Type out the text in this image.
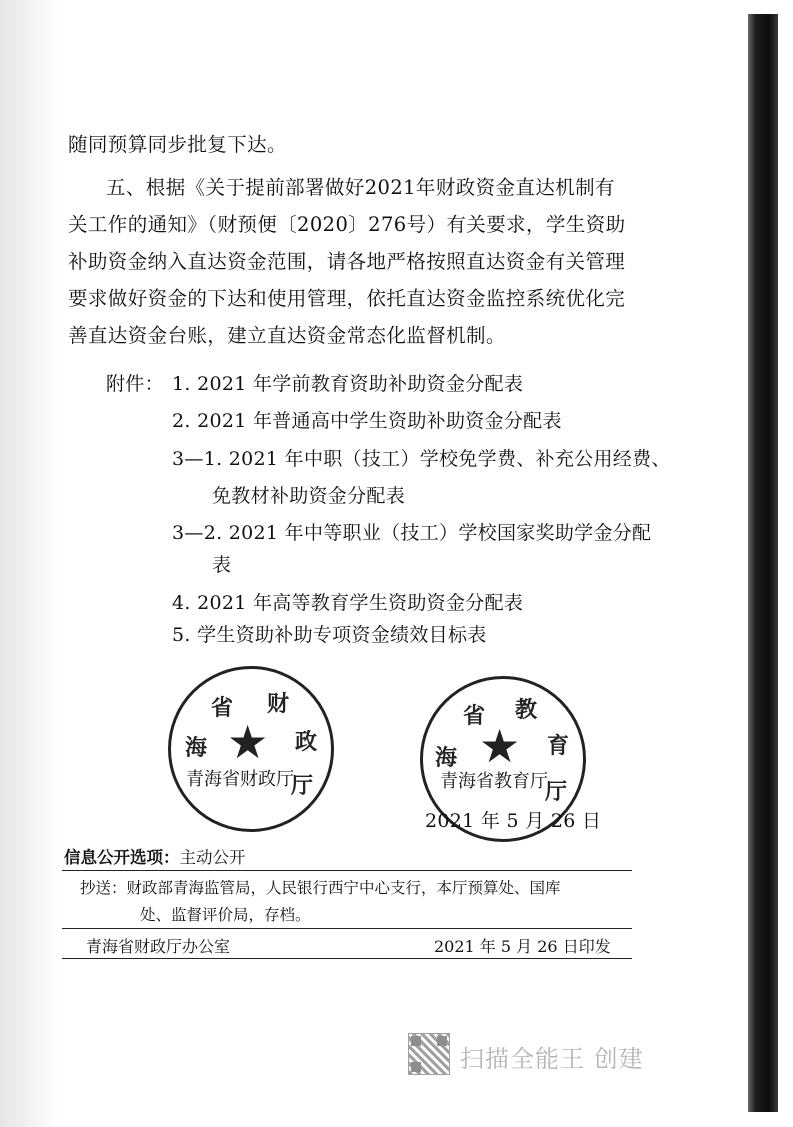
随同预算同步批复下达。
五、根据《关于提前部署做好2021年财政资金直达机制有
关工作的通知》（财预便〔2020〕276号）有关要求，学生资助
补助资金纳入直达资金范围，请各地严格按照直达资金有关管理
要求做好资金的下达和使用管理，依托直达资金监控系统优化完
善直达资金台账，建立直达资金常态化监督机制。
附件： 1. 2021 年学前教育资助补助资金分配表
2. 2021 年普通高中学生资助补助资金分配表
3—1. 2021 年中职（技工）学校免学费、补充公用经费、
免教材补助资金分配表
3—2. 2021 年中等职业（技工）学校国家奖助学金分配
表
4. 2021 年高等教育学生资助资金分配表
5. 学生资助补助专项资金绩效目标表
海
省 财
政
厅
★
青海省财政厅
海
省 教
育
厅
★
青海省教育厅
2021 年 5 月 26 日
信息公开选项：主动公开
抄送：财政部青海监管局，人民银行西宁中心支行，本厅预算处、国库
处、监督评价局，存档。
青海省财政厅办公室	2021 年 5 月 26 日印发
扫描全能王 创建
